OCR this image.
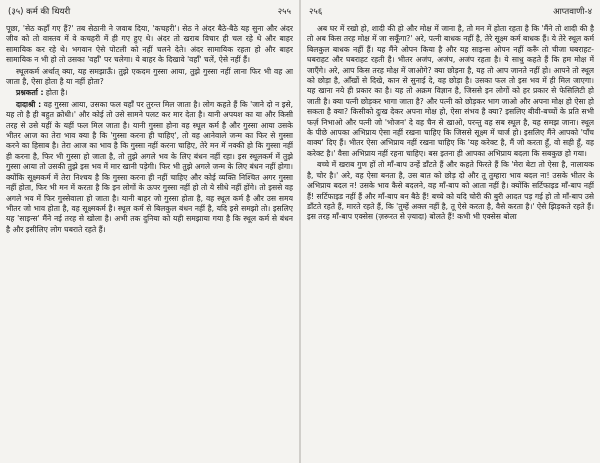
(३५) कर्म की थियरी	२५५

पूछा, 'सेठ कहाँ गए हैं?' तब सेठानी ने जवाब दिया, 'कचहरी'। सेठ ने अंदर बैठे-बैठे यह सुना और अंदर जीव को तो वास्तव में वे कचहरी में ही गए हुए थे। अंदर तो खराब विचार ही चल रहे थे और बाहर सामायिक कर रहे थे। भगवान ऐसे पोटली को नहीं चलने देते। अंदर सामायिक रहता हो और बाहर सामायिक न भी हो तो उसका 'वहाँ' पर चलेगा। ये बाहर के दिखावे 'वहाँ' चलें, ऐसे नहीं हैं।

स्थूलकर्म अर्थात् क्या, यह समझाऊँ। तुझे एकदम गुस्सा आया, तुझे गुस्सा नहीं लाना फिर भी वह आ जाता है, ऐसा होता है या नहीं होता?

प्रश्नकर्ता : होता है।

दादाश्री : वह गुस्सा आया, उसका फल यहाँ पर तुरन्त मिल जाता है। लोग कहते हैं कि 'जाने दो न इसे, यह तो है ही बहुत क्रोधी।' और कोई तो उसे सामने पलट कर मार देता है। यानी अपयश का या और किसी तरह से उसे यहीं के यहीं फल मिल जाता है। यानी गुस्सा होना वह स्थूल कर्म है और गुस्सा आया उसके भीतर आज का तेरा भाव क्या है कि 'गुस्सा करना ही चाहिए', तो वह आनेवाले जन्म का फिर से गुस्सा करने का हिसाब है। तेरा आज का भाव है कि गुस्सा नहीं करना चाहिए, तेरे मन में नक्की हो कि गुस्सा नहीं ही करना है, फिर भी गुस्सा हो जाता है, तो तुझे अगले भव के लिए बंधन नहीं रहा। इस स्थूलकर्म में तुझे गुस्सा आया तो उसकी तुझे इस भव में मार खानी पड़ेगी। फिर भी तुझे अगले जन्म के लिए बंधन नहीं होगा। क्योंकि सूक्ष्मकर्म में तेरा निश्चय है कि गुस्सा करना ही नहीं चाहिए और कोई व्यक्ति निश्चित अगर गुस्सा नहीं होता, फिर भी मन में करता है कि इन लोगों के ऊपर गुस्सा नहीं हो तो ये सीधे नहीं होंगे। तो इससे वह अगले भव में फिर गुस्सेवाला हो जाता है। यानी बाहर जो गुस्सा होता है, वह स्थूल कर्म है और उस समय भीतर जो भाव होता है, वह सूक्ष्मकर्म है। स्थूल कर्म से बिलकुल बंधन नहीं है, यदि इसे समझो तो। इसलिए यह 'साइन्स' मैंने नई तरह से खोला है। अभी तक दुनिया को यही समझाया गया है कि स्थूल कर्म से बंधन है और इसीलिए लोग घबराते रहते हैं।

२५६	आप्तवाणी-४

अब घर में रखो हो, शादी की हो और मोक्ष में जाना है, तो मन में होता रहता है कि 'मैंने तो शादी की है तो अब किस तरह मोक्ष में जा सकूँगा?' अरे, पत्नी बाधक नहीं है, तेरे सूक्ष्म कर्म बाधक हैं। ये तेरे स्थूल कर्म बिलकुल बाधक नहीं हैं। यह मैंने ओपन किया है और यह साइन्स ओपन नहीं करूँ तो चीजा घबराहट-घबराहट और घबराहट रहती है। भीतर अजंप, अजंप, अजंप रहता है। ये साधु कहते हैं कि हम मोक्ष में जाएँगे। अरे, आप किस तरह मोक्ष में जाओगे? क्या छोड़ना है, यह तो आप जानते नहीं हो। आपने तो स्थूल को छोड़ा है, आँखों से दिखे, कान से सुनाई दे, वह छोड़ा है। उसका फल तो इस भव में ही मिल जाएगा। यह खाना नये ही प्रकार का है। यह तो अक्रम विज्ञान है, जिससे इन लोगों को हर प्रकार से फेसिलिटी हो जाती है। क्या पत्नी छोड़कर भागा जाता है? और पत्नी को छोड़कर भाग जाओ और अपना मोक्ष हो ऐसा हो सकता है क्या? किसीको दुःख देकर अपना मोक्ष हो, ऐसा संभव है क्या? इसलिए बीवी-बच्चों के प्रति सभी फर्ज़ निभाओ और पत्नी जो 'भोजन' दे वह चैन से खाओ, परन्तु वह सब स्थूल है, यह समझ जाना। स्थूल के पीछे आपका अभिप्राय ऐसा नहीं रखना चाहिए कि जिससे सूक्ष्म में चार्ज हो। इसलिए मैंने आपको 'पाँच वाक्य' दिए हैं। भीतर ऐसा अभिप्राय नहीं रखना चाहिए कि 'यह करेक्ट है, मैं जो करता हूँ, वो सही हूँ, वह करेक्ट है।' वैसा अभिप्राय नहीं रहना चाहिए। बस इतना ही आपका अभिप्राय बदला कि सबकुछ हो गया।

बच्चे में खराब गुण हों तो माँ-बाप उन्हें डाँटते हैं और कहते फिरते हैं कि 'मेरा बेटा तो ऐसा है, नालायक है, चोर है।' अरे, वह ऐसा बनता है, उस बात को छोड़ दो और तू तुम्हारा भाव बदल ना! उसके भीतर के अभिप्राय बदल न! उसके भाव कैसे बदलने, वह माँ-बाप को आता नहीं है। क्योंकि सर्टिफाइड माँ-बाप नहीं हैं! सर्टिफाइड नहीं हैं और माँ-बाप बन बैठे हैं! बच्चे को यदि चोरी की बुरी आदत पड़ गई हो तो माँ-बाप उसे डाँटते रहते हैं, मारते रहते हैं, कि 'तुम्हें अक्ल नहीं है, तू ऐसे करता है, वैसे करता है।' ऐसे झिड़कते रहते हैं। इस तरह माँ-बाप एक्सेस (ज़रूरत से ज़्यादा) बोलते हैं! कभी भी एक्सेस बोला
